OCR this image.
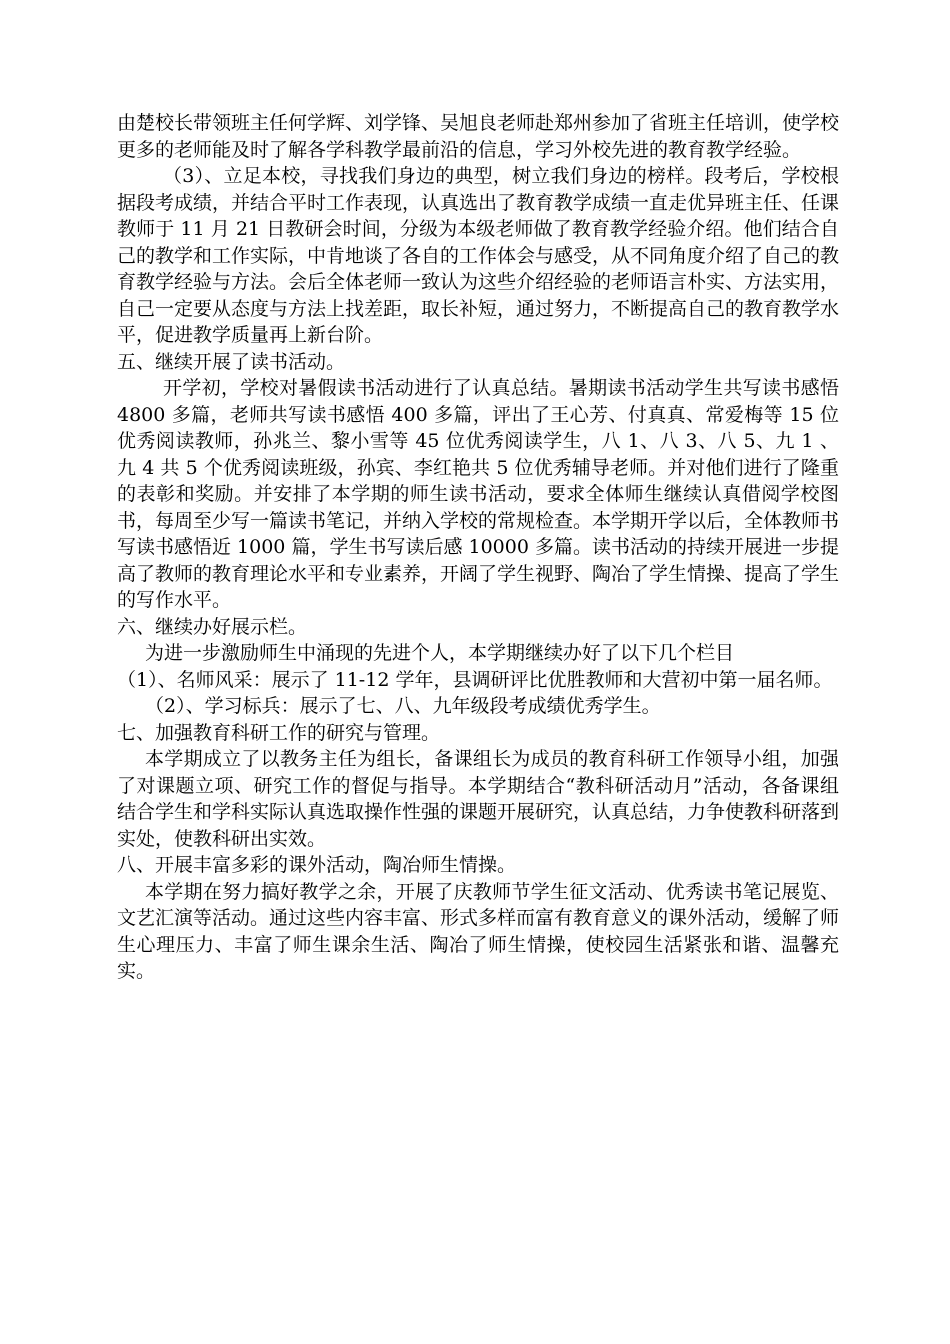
由楚校长带领班主任何学辉、刘学锋、吴旭良老师赴郑州参加了省班主任培训，使学校更多的老师能及时了解各学科教学最前沿的信息，学习外校先进的教育教学经验。

（3）、立足本校，寻找我们身边的典型，树立我们身边的榜样。段考后，学校根据段考成绩，并结合平时工作表现，认真选出了教育教学成绩一直走优异班主任、任课教师于 11 月 21 日教研会时间，分级为本级老师做了教育教学经验介绍。他们结合自己的教学和工作实际，中肯地谈了各自的工作体会与感受，从不同角度介绍了自己的教育教学经验与方法。会后全体老师一致认为这些介绍经验的老师语言朴实、方法实用，自己一定要从态度与方法上找差距，取长补短，通过努力，不断提高自己的教育教学水平，促进教学质量再上新台阶。

五、继续开展了读书活动。

开学初，学校对暑假读书活动进行了认真总结。暑期读书活动学生共写读书感悟 4800 多篇，老师共写读书感悟 400 多篇，评出了王心芳、付真真、常爱梅等 15 位优秀阅读教师，孙兆兰、黎小雪等 45 位优秀阅读学生，八 1、八 3、八 5、九 1 、九 4 共 5 个优秀阅读班级，孙宾、李红艳共 5 位优秀辅导老师。并对他们进行了隆重的表彰和奖励。并安排了本学期的师生读书活动，要求全体师生继续认真借阅学校图书，每周至少写一篇读书笔记，并纳入学校的常规检查。本学期开学以后，全体教师书写读书感悟近 1000 篇，学生书写读后感 10000 多篇。读书活动的持续开展进一步提高了教师的教育理论水平和专业素养，开阔了学生视野、陶冶了学生情操、提高了学生的写作水平。

六、继续办好展示栏。

为进一步激励师生中涌现的先进个人，本学期继续办好了以下几个栏目

（1）、名师风采：展示了 11-12 学年，县调研评比优胜教师和大营初中第一届名师。

（2）、学习标兵：展示了七、八、九年级段考成绩优秀学生。

七、加强教育科研工作的研究与管理。

本学期成立了以教务主任为组长，备课组长为成员的教育科研工作领导小组，加强了对课题立项、研究工作的督促与指导。本学期结合“教科研活动月”活动，各备课组结合学生和学科实际认真选取操作性强的课题开展研究，认真总结，力争使教科研落到实处，使教科研出实效。

八、开展丰富多彩的课外活动，陶冶师生情操。

本学期在努力搞好教学之余，开展了庆教师节学生征文活动、优秀读书笔记展览、文艺汇演等活动。通过这些内容丰富、形式多样而富有教育意义的课外活动，缓解了师生心理压力、丰富了师生课余生活、陶冶了师生情操，使校园生活紧张和谐、温馨充实。
